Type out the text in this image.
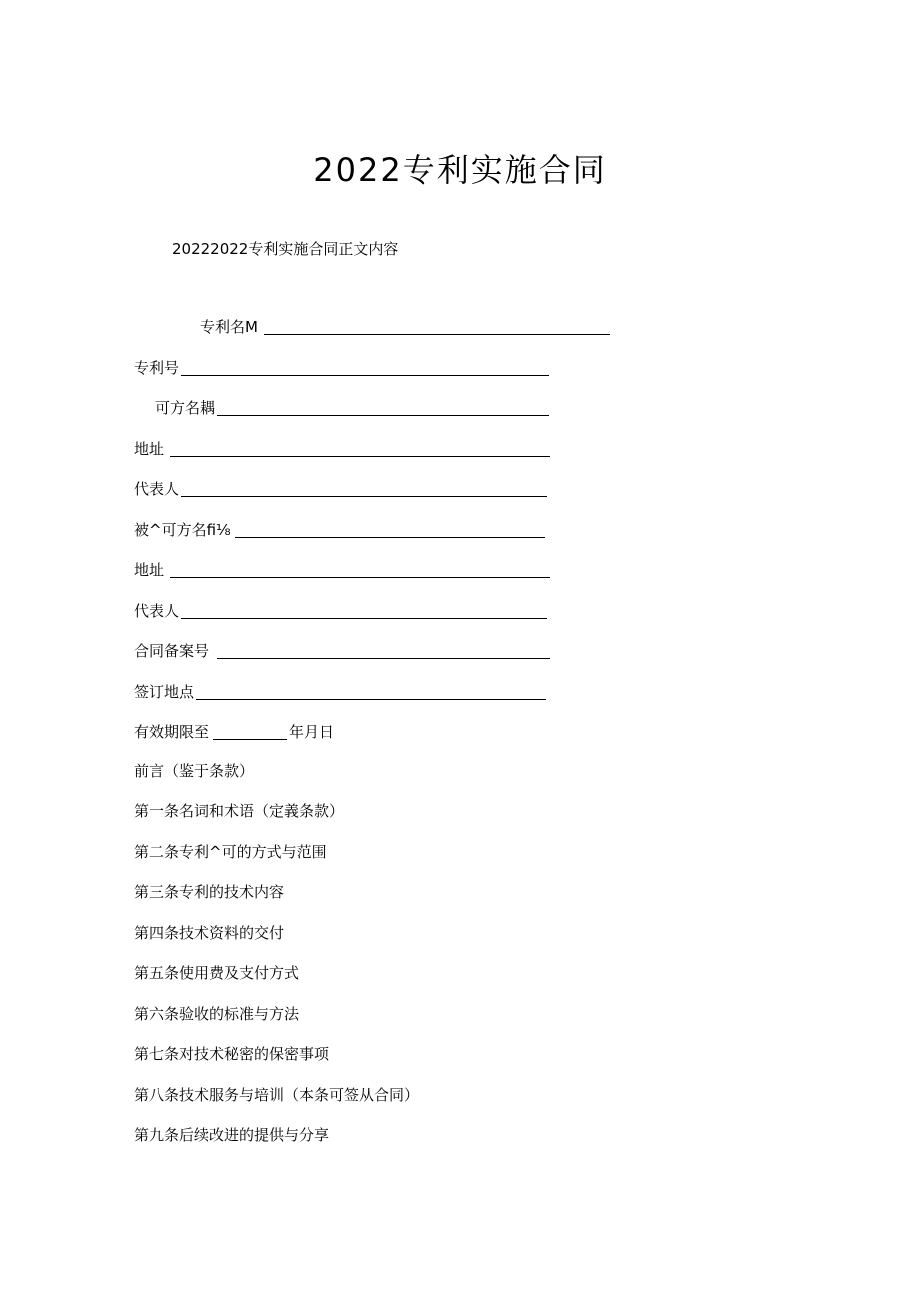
2022专利实施合同
20222022专利实施合同正文内容
专利名M
专利号
可方名耦
地址
代表人
被^可方名fi⅛
地址
代表人
合同备案号
签订地点
有效期限至	年月日
前言（鉴于条款）
第一条名词和术语（定義条款）
第二条专利^可的方式与范围
第三条专利的技术内容
第四条技术资料的交付
第五条使用费及支付方式
第六条验收的标准与方法
第七条对技术秘密的保密事项
第八条技术服务与培训（本条可签从合同）
第九条后续改进的提供与分享
